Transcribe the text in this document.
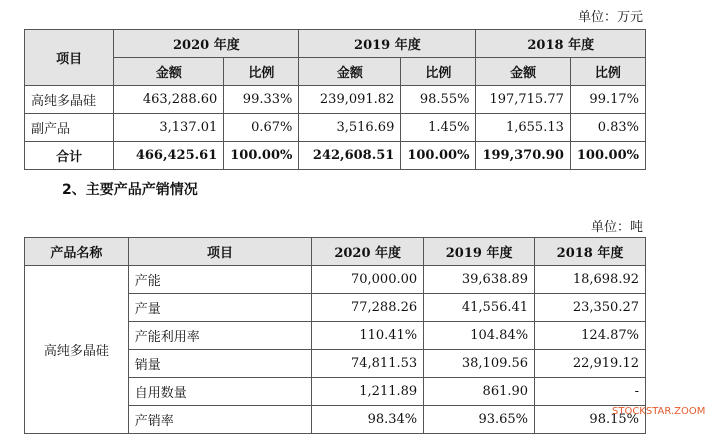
单位：万元
项目	2020 年度		2019 年度		2018 年度	
	金额	比例	金额	比例	金额	比例
高纯多晶硅	463,288.60	99.33%	239,091.82	98.55%	197,715.77	99.17%
副产品	3,137.01	0.67%	3,516.69	1.45%	1,655.13	0.83%
合计	466,425.61	100.00%	242,608.51	100.00%	199,370.90	100.00%
2、主要产品产销情况
单位：吨
产品名称	项目	2020 年度	2019 年度	2018 年度
高纯多晶硅	产能	70,000.00	39,638.89	18,698.92
	产量	77,288.26	41,556.41	23,350.27
	产能利用率	110.41%	104.84%	124.87%
	销量	74,811.53	38,109.56	22,919.12
	自用数量	1,211.89	861.90	-
	产销率	98.34%	93.65%	98.15%
STOCKSTAR.ZOOM
